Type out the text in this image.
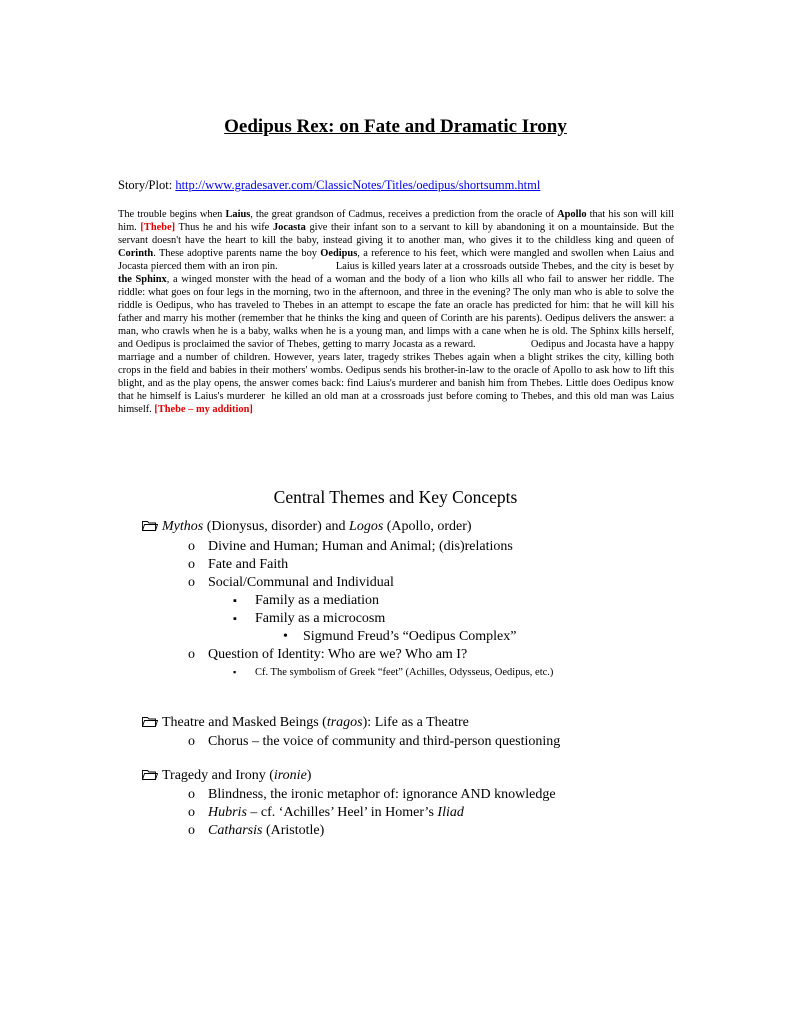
Oedipus Rex: on Fate and Dramatic Irony
Story/Plot: http://www.gradesaver.com/ClassicNotes/Titles/oedipus/shortsumm.html
The trouble begins when Laius, the great grandson of Cadmus, receives a prediction from the oracle of Apollo that his son will kill him. [Thebe] Thus he and his wife Jocasta give their infant son to a servant to kill by abandoning it on a mountainside. But the servant doesn't have the heart to kill the baby, instead giving it to another man, who gives it to the childless king and queen of Corinth. These adoptive parents name the boy Oedipus, a reference to his feet, which were mangled and swollen when Laius and Jocasta pierced them with an iron pin.                    Laius is killed years later at a crossroads outside Thebes, and the city is beset by the Sphinx, a winged monster with the head of a woman and the body of a lion who kills all who fail to answer her riddle. The riddle: what goes on four legs in the morning, two in the afternoon, and three in the evening? The only man who is able to solve the riddle is Oedipus, who has traveled to Thebes in an attempt to escape the fate an oracle has predicted for him: that he will kill his father and marry his mother (remember that he thinks the king and queen of Corinth are his parents). Oedipus delivers the answer: a man, who crawls when he is a baby, walks when he is a young man, and limps with a cane when he is old. The Sphinx kills herself, and Oedipus is proclaimed the savior of Thebes, getting to marry Jocasta as a reward.                    Oedipus and Jocasta have a happy marriage and a number of children. However, years later, tragedy strikes Thebes again when a blight strikes the city, killing both crops in the field and babies in their mothers' wombs. Oedipus sends his brother-in-law to the oracle of Apollo to ask how to lift this blight, and as the play opens, the answer comes back: find Laius's murderer and banish him from Thebes. Little does Oedipus know that he himself is Laius's murderer  he killed an old man at a crossroads just before coming to Thebes, and this old man was Laius himself. [Thebe – my addition]
Central Themes and Key Concepts
Mythos (Dionysus, disorder) and Logos (Apollo, order)
o Divine and Human; Human and Animal; (dis)relations
o Fate and Faith
o Social/Communal and Individual
▪ Family as a mediation
▪ Family as a microcosm
• Sigmund Freud’s “Oedipus Complex”
o Question of Identity: Who are we? Who am I?
▪ Cf. The symbolism of Greek “feet” (Achilles, Odysseus, Oedipus, etc.)
Theatre and Masked Beings (tragos): Life as a Theatre
o Chorus – the voice of community and third-person questioning
Tragedy and Irony (ironie)
o Blindness, the ironic metaphor of: ignorance AND knowledge
o Hubris – cf. ‘Achilles’ Heel’ in Homer’s Iliad
o Catharsis (Aristotle)
